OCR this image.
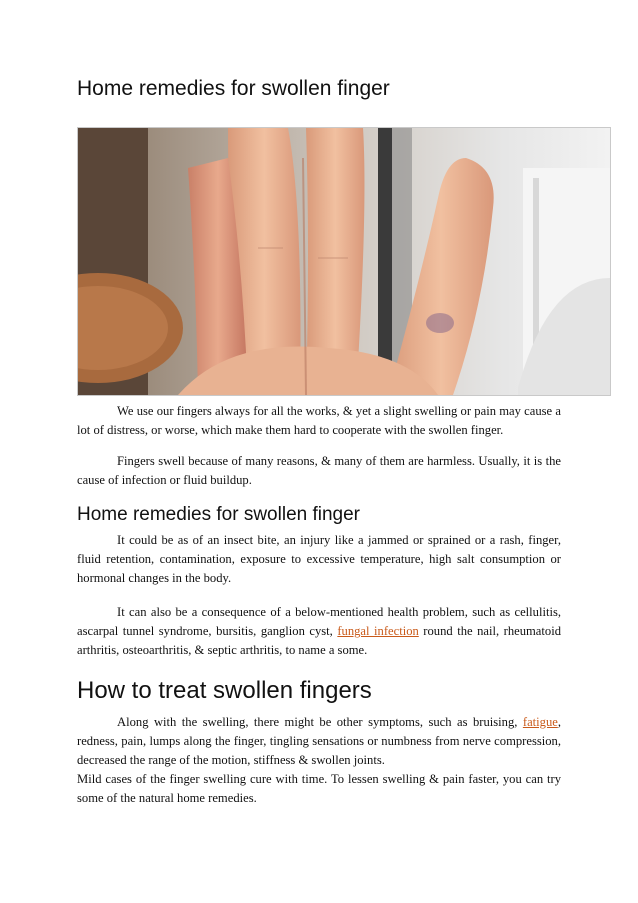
Home remedies for swollen finger

We use our fingers always for all the works, & yet a slight swelling or pain may cause a lot of distress, or worse, which make them hard to cooperate with the swollen finger.

Fingers swell because of many reasons, & many of them are harmless. Usually, it is the cause of infection or fluid buildup.

Home remedies for swollen finger

It could be as of an insect bite, an injury like a jammed or sprained or a rash, finger, fluid retention, contamination, exposure to excessive temperature, high salt consumption or hormonal changes in the body.

It can also be a consequence of a below-mentioned health problem, such as cellulitis, ascarpal tunnel syndrome, bursitis, ganglion cyst, fungal infection round the nail, rheumatoid arthritis, osteoarthritis, & septic arthritis, to name a some.

How to treat swollen fingers

Along with the swelling, there might be other symptoms, such as bruising, fatigue, redness, pain, lumps along the finger, tingling sensations or numbness from nerve compression, decreased the range of the motion, stiffness & swollen joints.

Mild cases of the finger swelling cure with time. To lessen swelling & pain faster, you can try some of the natural home remedies.
